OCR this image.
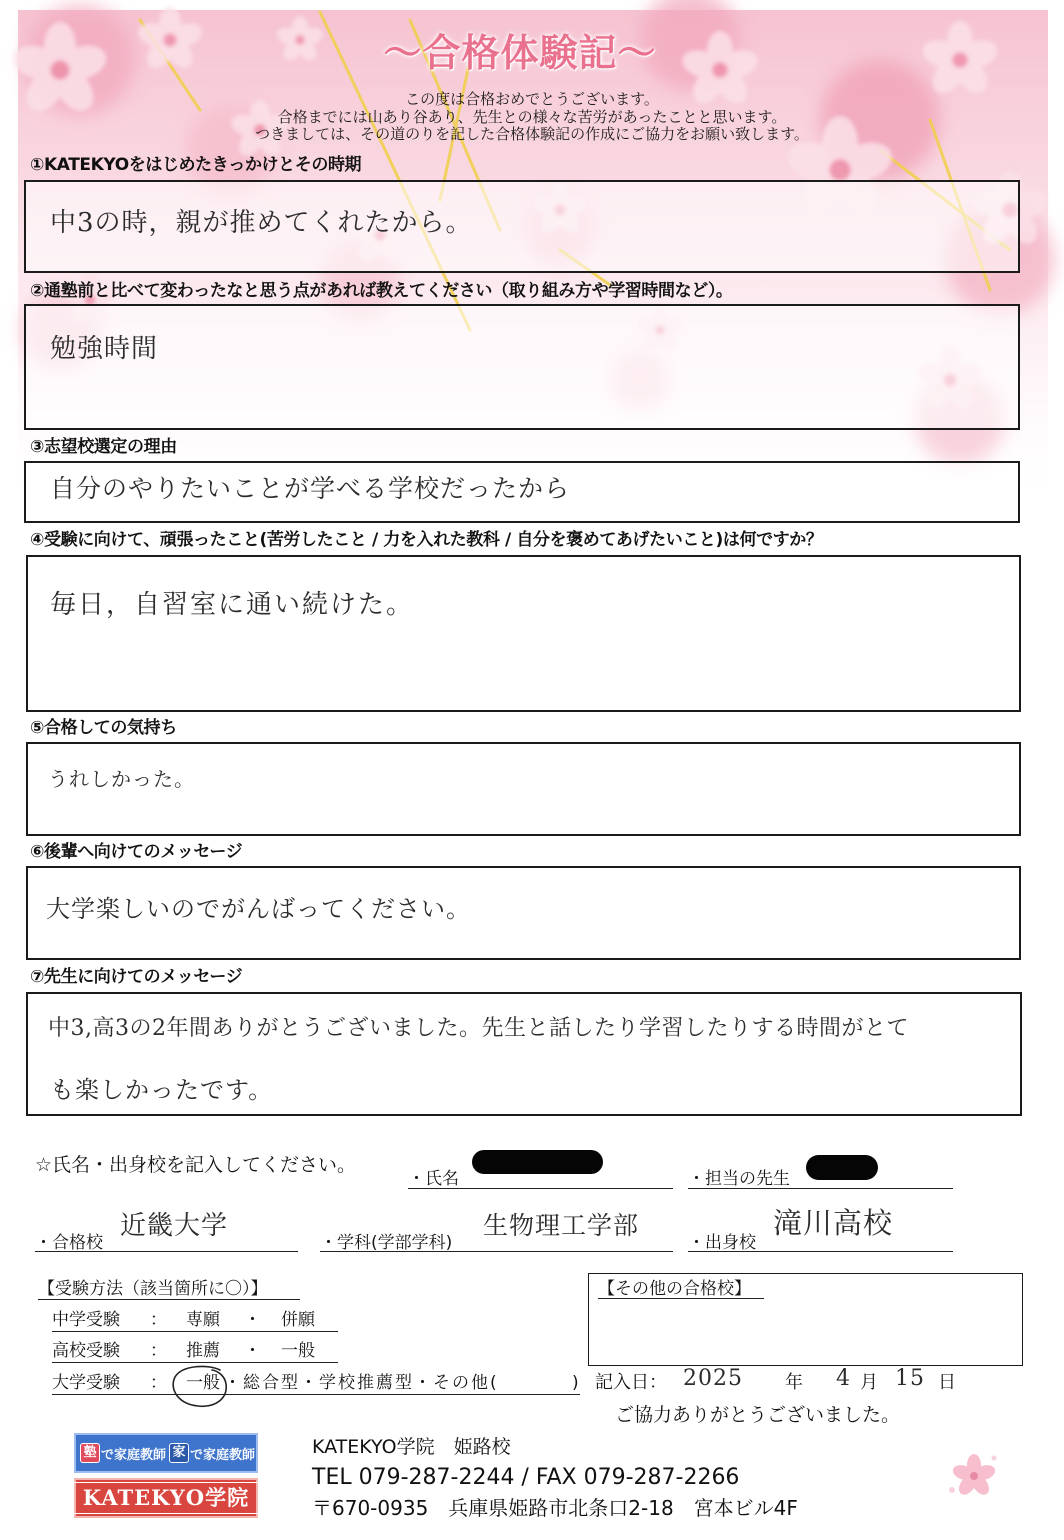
～合格体験記～
この度は合格おめでとうございます。
合格までには山あり谷あり、先生との様々な苦労があったことと思います。
つきましては、その道のりを記した合格体験記の作成にご協力をお願い致します。
①KATEKYOをはじめたきっかけとその時期
中3の時，親が推めてくれたから。
②通塾前と比べて変わったなと思う点があれば教えてください（取り組み方や学習時間など）。
勉強時間
③志望校選定の理由
自分のやりたいことが学べる学校だったから
④受験に向けて、頑張ったこと(苦労したこと / 力を入れた教科 / 自分を褒めてあげたいこと)は何ですか？
毎日，自習室に通い続けた。
⑤合格しての気持ち
うれしかった。
⑥後輩へ向けてのメッセージ
大学楽しいのでがんばってください。
⑦先生に向けてのメッセージ
中3,高3の2年間ありがとうございました。先生と話したり学習したりする時間がとて
も楽しかったです。
☆氏名・出身校を記入してください。
・氏名	・担当の先生
・合格校
近畿大学
・学科(学部学科)
生物理工学部
・出身校
滝川高校
【受験方法（該当箇所に〇）】
中学受験 ： 専願 ・ 併願
高校受験 ： 推薦 ・ 一般
大学受験 ： 一般 ・総合型・学校推薦型・その他(	)
【その他の合格校】
記入日： 2025 年 4 月 15 日
ご協力ありがとうございました。
塾 で家庭教師 家 で家庭教師
KATEKYO学院
KATEKYO学院　姫路校
TEL 079-287-2244 / FAX 079-287-2266
〒670-0935　兵庫県姫路市北条口2-18　宮本ビル4F
